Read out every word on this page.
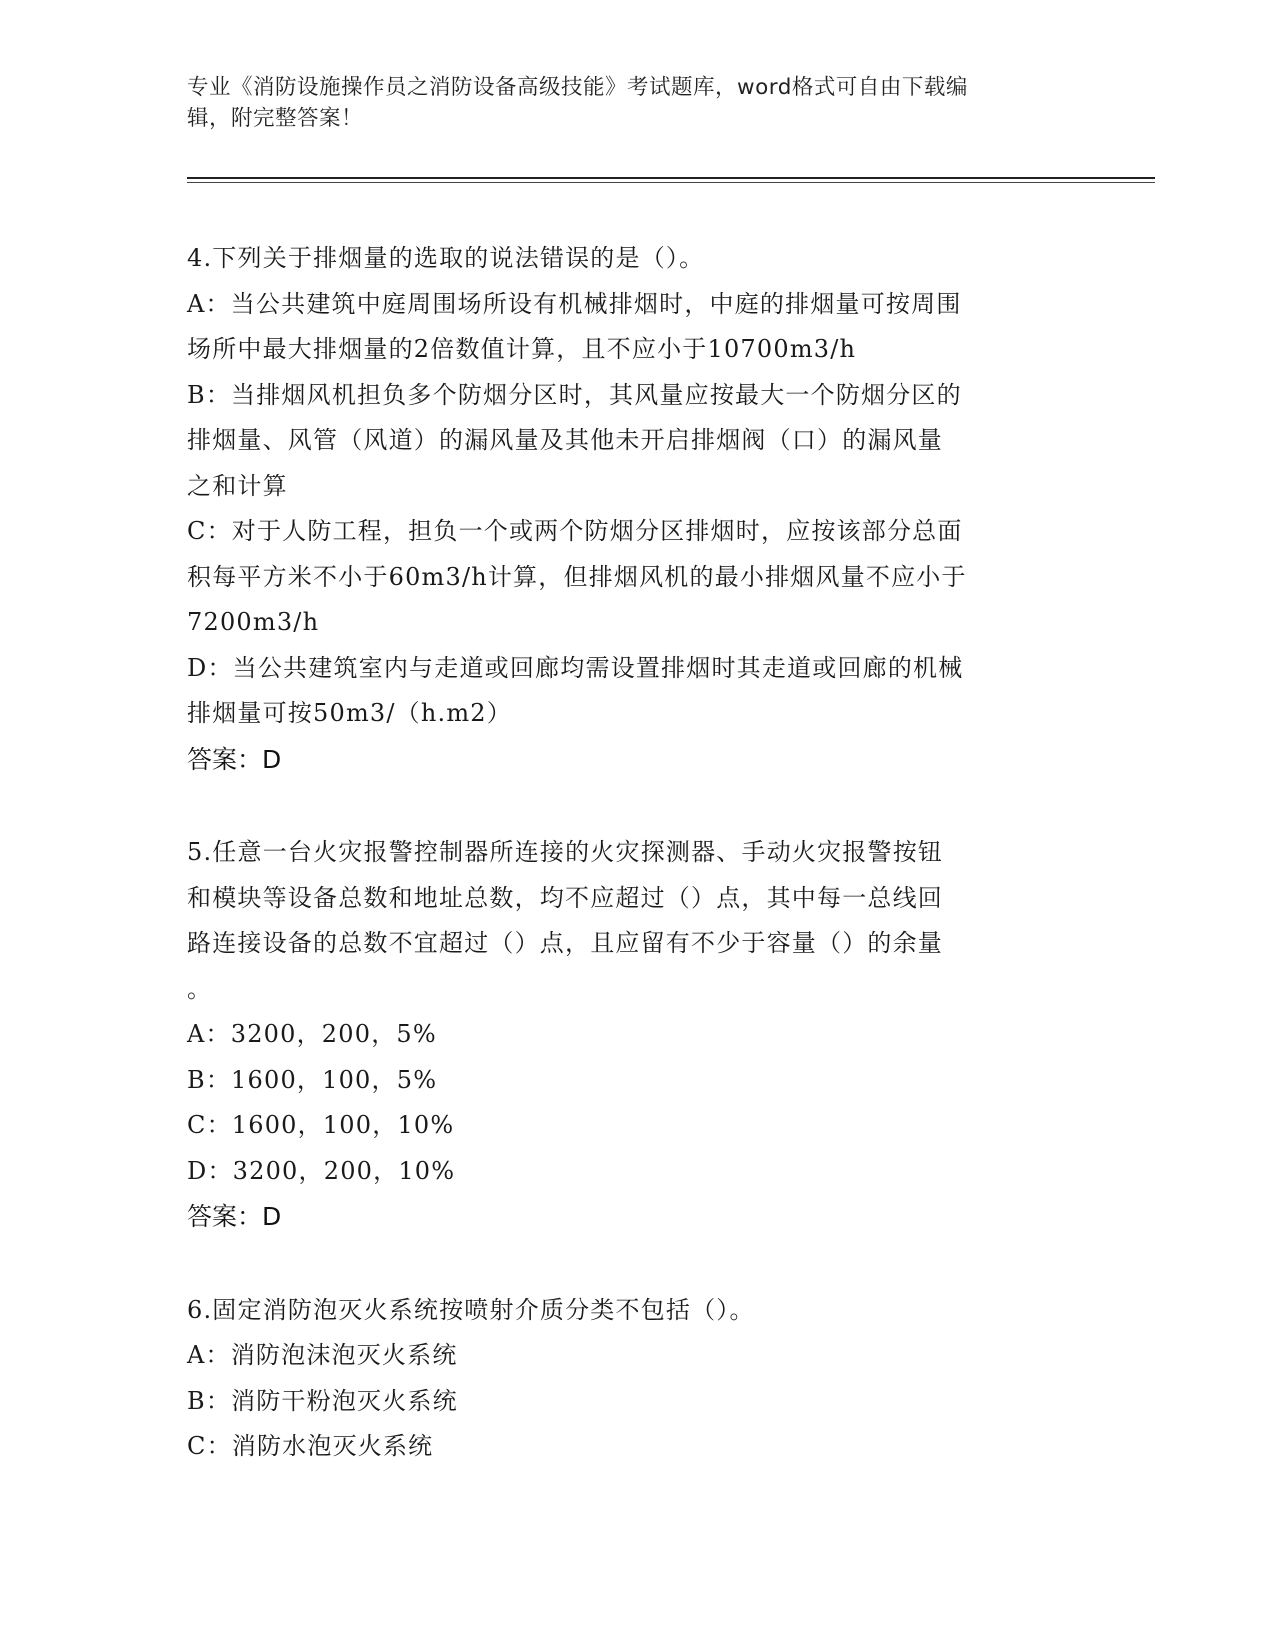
专业《消防设施操作员之消防设备高级技能》考试题库，word格式可自由下载编
辑，附完整答案！
4.下列关于排烟量的选取的说法错误的是（）。
A：当公共建筑中庭周围场所设有机械排烟时，中庭的排烟量可按周围
场所中最大排烟量的2倍数值计算，且不应小于10700m3/h
B：当排烟风机担负多个防烟分区时，其风量应按最大一个防烟分区的
排烟量、风管（风道）的漏风量及其他未开启排烟阀（口）的漏风量
之和计算
C：对于人防工程，担负一个或两个防烟分区排烟时，应按该部分总面
积每平方米不小于60m3/h计算，但排烟风机的最小排烟风量不应小于
7200m3/h
D：当公共建筑室内与走道或回廊均需设置排烟时其走道或回廊的机械
排烟量可按50m3/（h.m2）
答案：D
5.任意一台火灾报警控制器所连接的火灾探测器、手动火灾报警按钮
和模块等设备总数和地址总数，均不应超过（）点，其中每一总线回
路连接设备的总数不宜超过（）点，且应留有不少于容量（）的余量
。
A：3200，200，5%
B：1600，100，5%
C：1600，100，10%
D：3200，200，10%
答案：D
6.固定消防泡灭火系统按喷射介质分类不包括（）。
A：消防泡沫泡灭火系统
B：消防干粉泡灭火系统
C：消防水泡灭火系统
